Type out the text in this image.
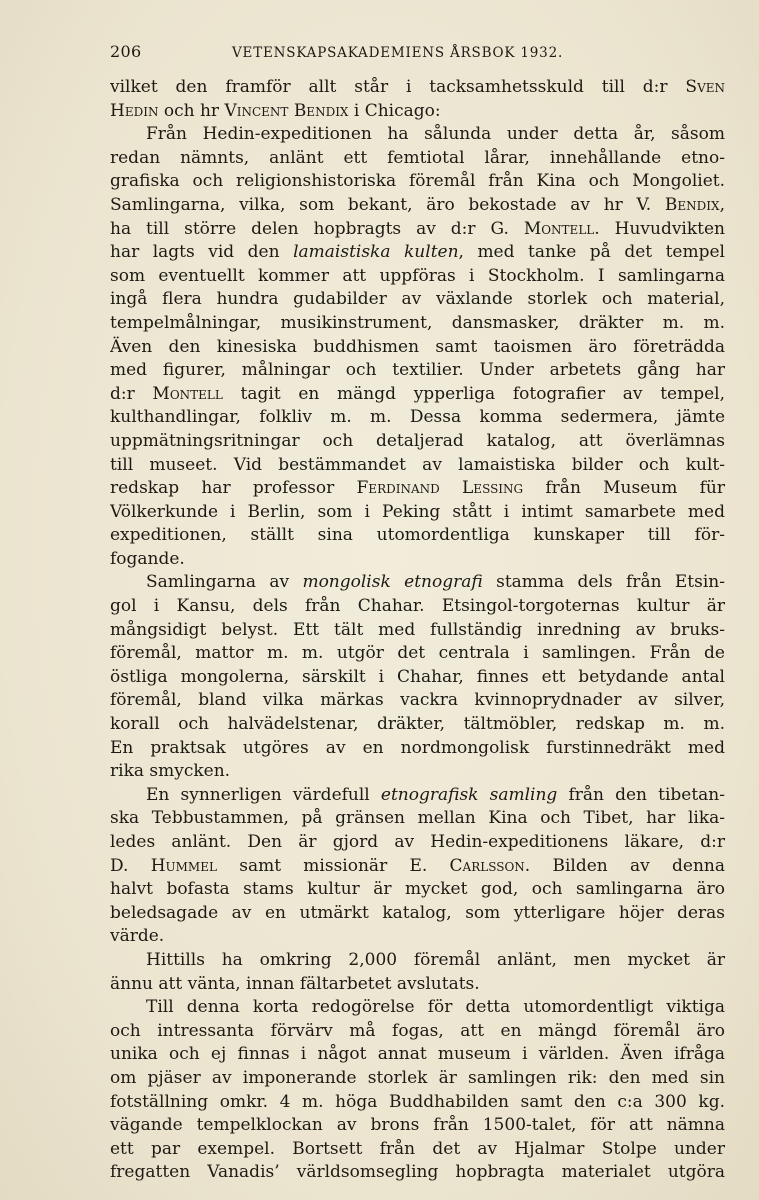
206	VETENSKAPSAKADEMIENS ÅRSBOK 1932.
vilket den framför allt står i tacksamhetsskuld till d:r Sven
Hedin och hr Vincent Bendix i Chicago:
Från Hedin-expeditionen ha sålunda under detta år, såsom
redan nämnts, anlänt ett femtiotal lårar, innehållande etno-
grafiska och religionshistoriska föremål från Kina och Mongoliet.
Samlingarna, vilka, som bekant, äro bekostade av hr V. Bendix,
ha till större delen hopbragts av d:r G. Montell. Huvudvikten
har lagts vid den lamaistiska kulten, med tanke på det tempel
som eventuellt kommer att uppföras i Stockholm. I samlingarna
ingå flera hundra gudabilder av växlande storlek och material,
tempelmålningar, musikinstrument, dansmasker, dräkter m. m.
Även den kinesiska buddhismen samt taoismen äro företrädda
med figurer, målningar och textilier. Under arbetets gång har
d:r Montell tagit en mängd ypperliga fotografier av tempel,
kulthandlingar, folkliv m. m. Dessa komma sedermera, jämte
uppmätningsritningar och detaljerad katalog, att överlämnas
till museet. Vid bestämmandet av lamaistiska bilder och kult-
redskap har professor Ferdinand Lessing från Museum für
Völkerkunde i Berlin, som i Peking stått i intimt samarbete med
expeditionen, ställt sina utomordentliga kunskaper till för-
fogande.
Samlingarna av mongolisk etnografi stamma dels från Etsin-
gol i Kansu, dels från Chahar. Etsingol-torgoternas kultur är
mångsidigt belyst. Ett tält med fullständig inredning av bruks-
föremål, mattor m. m. utgör det centrala i samlingen. Från de
östliga mongolerna, särskilt i Chahar, finnes ett betydande antal
föremål, bland vilka märkas vackra kvinnoprydnader av silver,
korall och halvädelstenar, dräkter, tältmöbler, redskap m. m.
En praktsak utgöres av en nordmongolisk furstinnedräkt med
rika smycken.
En synnerligen värdefull etnografisk samling från den tibetan-
ska Tebbustammen, på gränsen mellan Kina och Tibet, har lika-
ledes anlänt. Den är gjord av Hedin-expeditionens läkare, d:r
D. Hummel samt missionär E. Carlsson. Bilden av denna
halvt bofasta stams kultur är mycket god, och samlingarna äro
beledsagade av en utmärkt katalog, som ytterligare höjer deras
värde.
Hittills ha omkring 2,000 föremål anlänt, men mycket är
ännu att vänta, innan fältarbetet avslutats.
Till denna korta redogörelse för detta utomordentligt viktiga
och intressanta förvärv må fogas, att en mängd föremål äro
unika och ej finnas i något annat museum i världen. Även ifråga
om pjäser av imponerande storlek är samlingen rik: den med sin
fotställning omkr. 4 m. höga Buddhabilden samt den c:a 300 kg.
vägande tempelklockan av brons från 1500-talet, för att nämna
ett par exempel. Bortsett från det av Hjalmar Stolpe under
fregatten Vanadis’ världsomsegling hopbragta materialet utgöra
